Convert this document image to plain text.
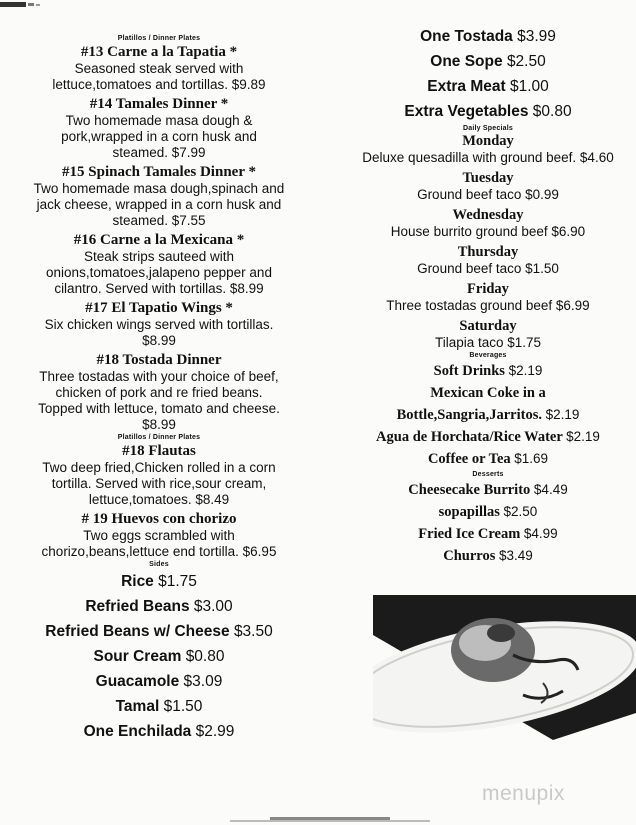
Platillos / Dinner Plates
#13 Carne a la Tapatia *
Seasoned steak served with
lettuce,tomatoes and tortillas. $9.89
#14 Tamales Dinner *
Two homemade masa dough &
pork,wrapped in a corn husk and
steamed. $7.99
#15 Spinach Tamales Dinner *
Two homemade masa dough,spinach and
jack cheese, wrapped in a corn husk and
steamed. $7.55
#16 Carne a la Mexicana *
Steak strips sauteed with
onions,tomatoes,jalapeno pepper and
cilantro. Served with tortillas. $8.99
#17 El Tapatio Wings *
Six chicken wings served with tortillas.
$8.99
#18 Tostada Dinner
Three tostadas with your choice of beef,
chicken of pork and re fried beans.
Topped with lettuce, tomato and cheese.
$8.99
Platillos / Dinner Plates
#18 Flautas
Two deep fried,Chicken rolled in a corn
tortilla. Served with rice,sour cream,
lettuce,tomatoes. $8.49
# 19 Huevos con chorizo
Two eggs scrambled with
chorizo,beans,lettuce end tortilla. $6.95
Sides
Rice $1.75
Refried Beans $3.00
Refried Beans w/ Cheese $3.50
Sour Cream $0.80
Guacamole $3.09
Tamal $1.50
One Enchilada $2.99
One Tostada $3.99
One Sope $2.50
Extra Meat $1.00
Extra Vegetables $0.80
Daily Specials
Monday
Deluxe quesadilla with ground beef. $4.60
Tuesday
Ground beef taco $0.99
Wednesday
House burrito ground beef $6.90
Thursday
Ground beef taco $1.50
Friday
Three tostadas ground beef $6.99
Saturday
Tilapia taco $1.75
Beverages
Soft Drinks $2.19
Mexican Coke in a
Bottle,Sangria,Jarritos. $2.19
Agua de Horchata/Rice Water $2.19
Coffee or Tea $1.69
Desserts
Cheesecake Burrito $4.49
sopapillas $2.50
Fried Ice Cream $4.99
Churros $3.49
menupix
